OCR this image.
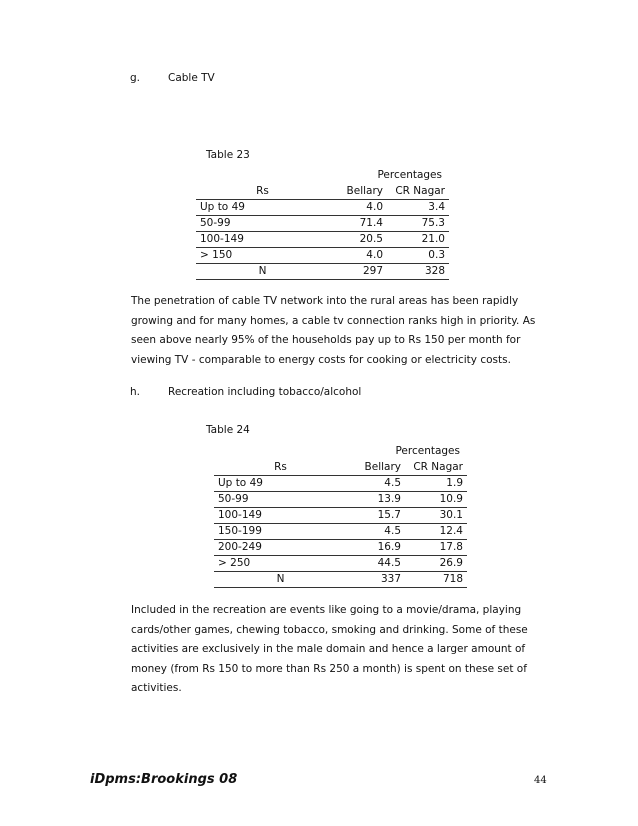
g.	Cable TV
Table 23
Percentages
Rs	Bellary	CR Nagar
Up to 49	4.0	3.4
50-99	71.4	75.3
100-149	20.5	21.0
> 150	4.0	0.3
N	297	328
The penetration of cable TV network into the rural areas has been rapidly growing and for many homes, a cable tv connection ranks high in priority. As seen above nearly 95% of the households pay up to Rs 150 per month for viewing TV - comparable to energy costs for cooking or electricity costs.
h.	Recreation including tobacco/alcohol
Table 24
Percentages
Rs	Bellary	CR Nagar
Up to 49	4.5	1.9
50-99	13.9	10.9
100-149	15.7	30.1
150-199	4.5	12.4
200-249	16.9	17.8
> 250	44.5	26.9
N	337	718
Included in the recreation are events like going to a movie/drama, playing cards/other games, chewing tobacco, smoking and drinking. Some of these activities are exclusively in the male domain and hence a larger amount of money (from Rs 150 to more than Rs 250 a month) is spent on these set of activities.
iDpms:Brookings 08	44
